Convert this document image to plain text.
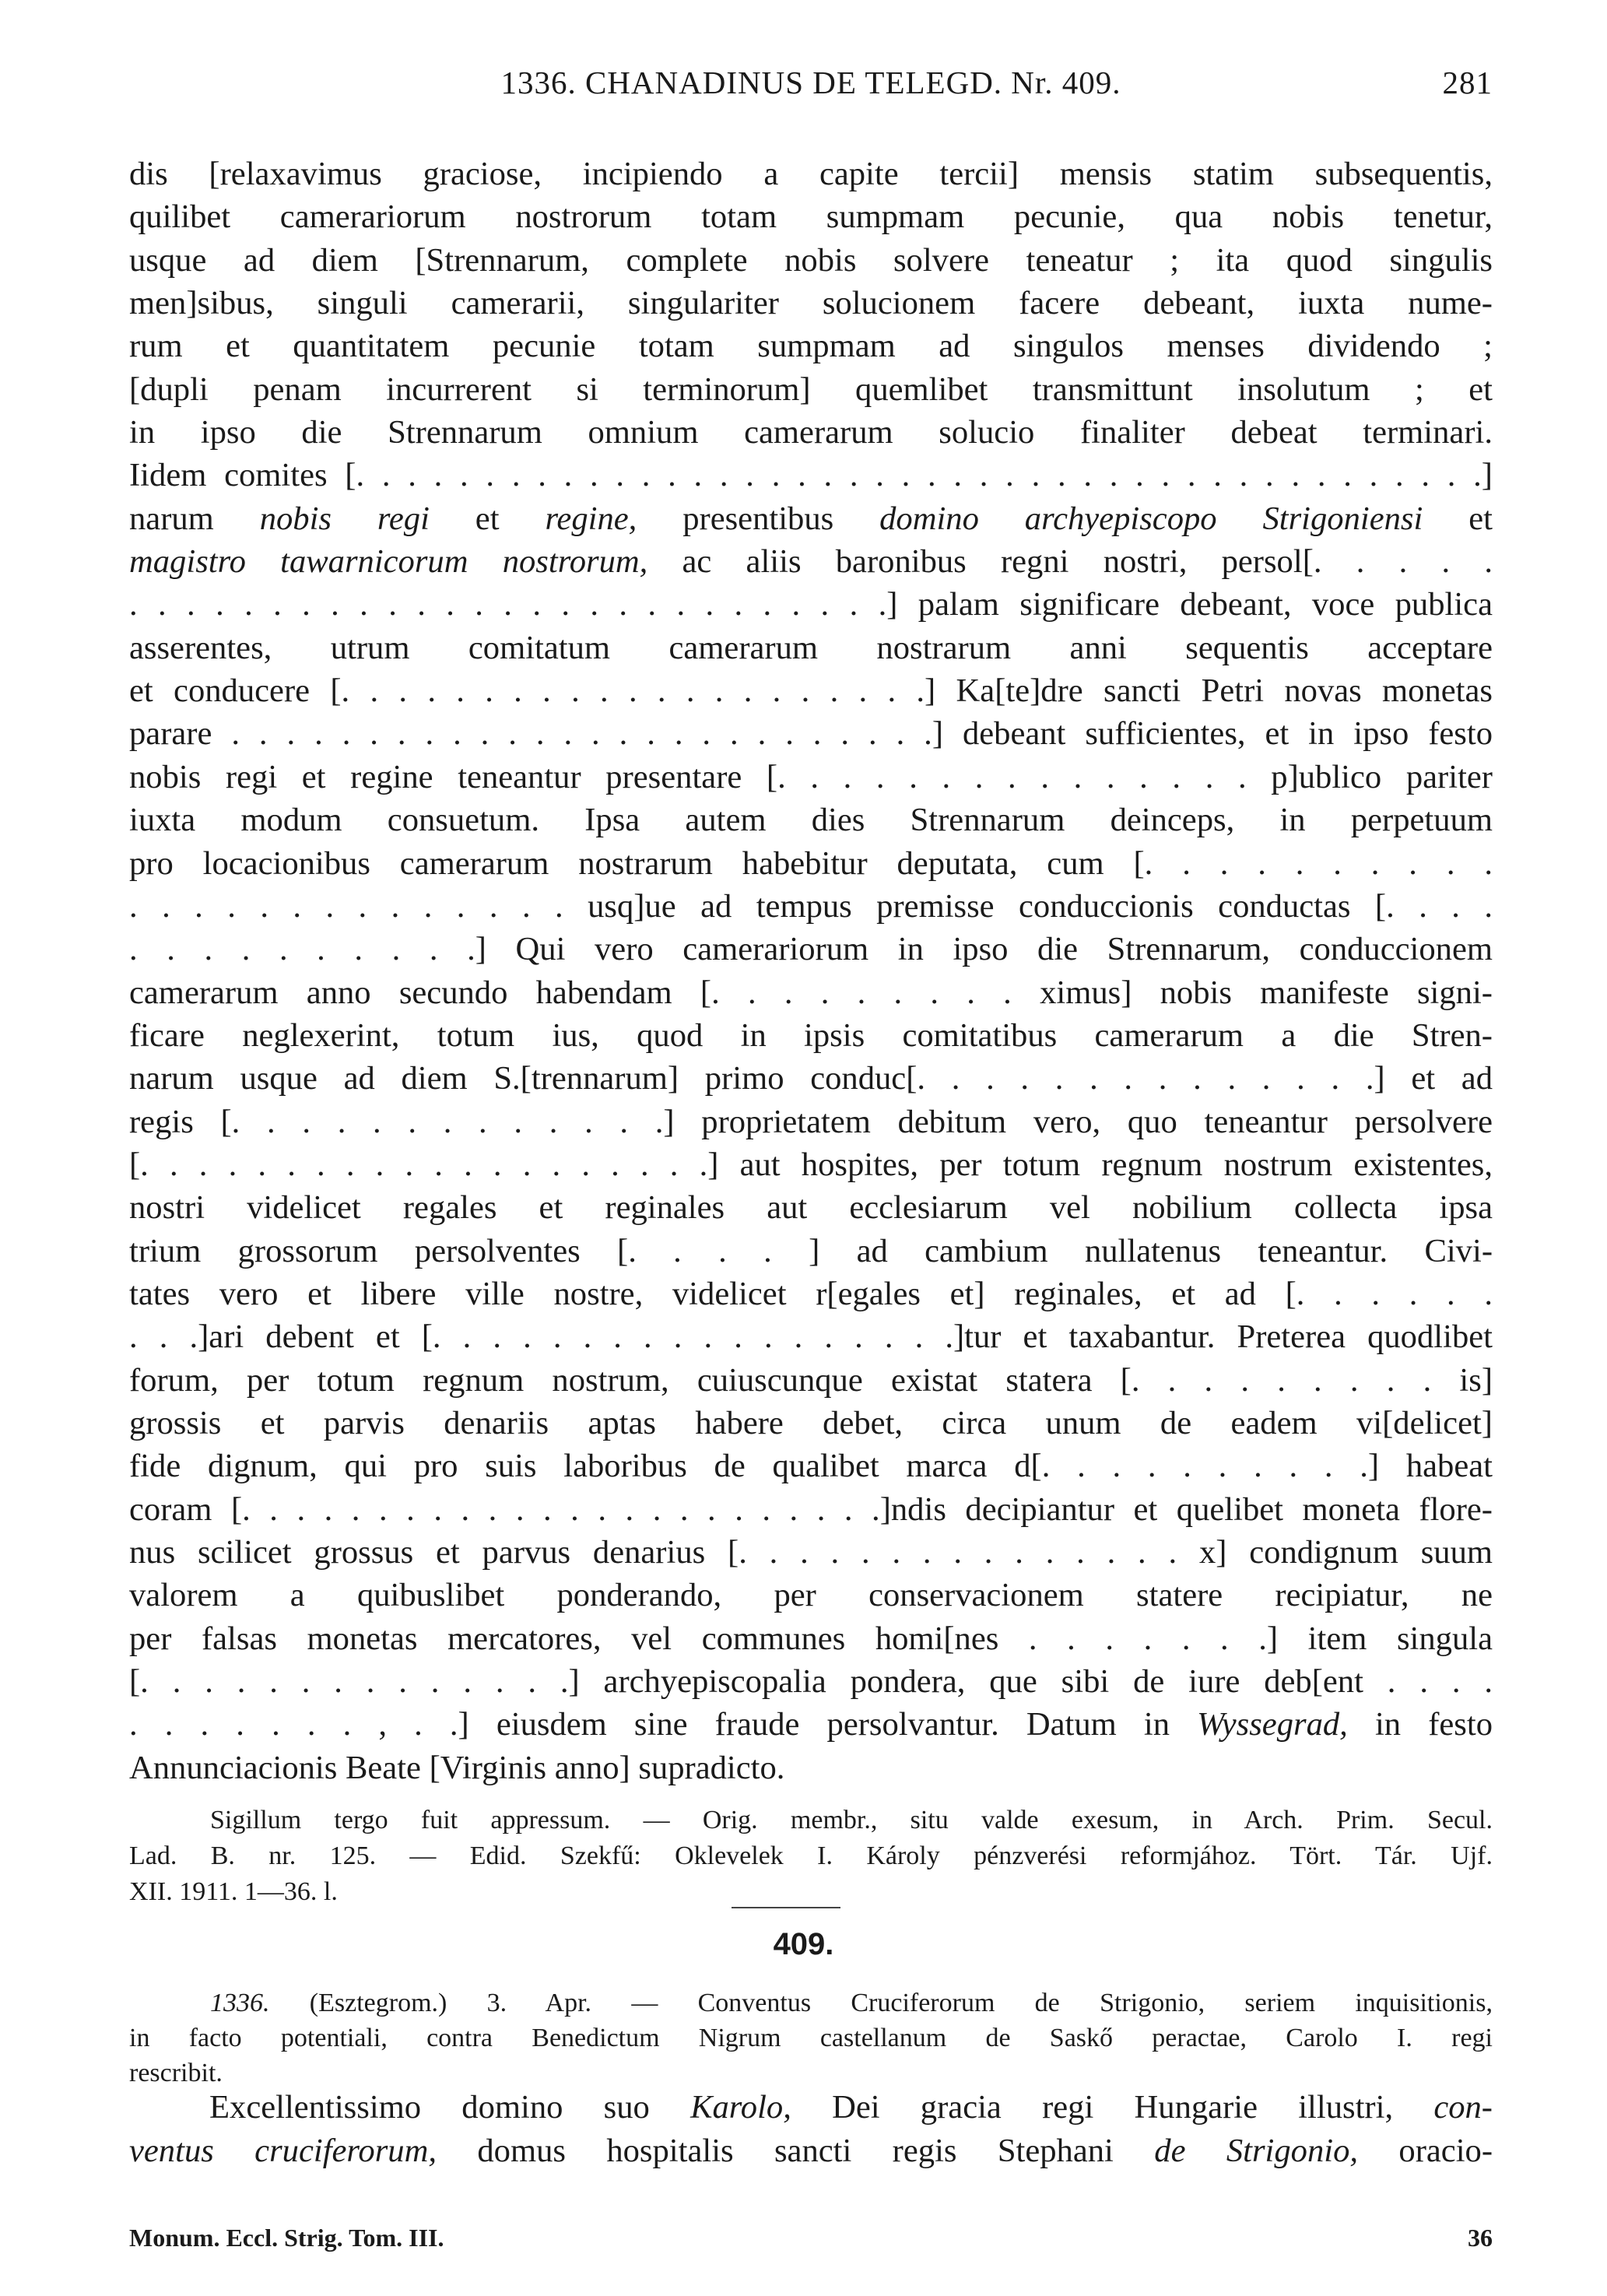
1336. CHANADINUS DE TELEGD. Nr. 409.	281
dis [relaxavimus graciose, incipiendo a capite tercii] mensis statim subsequentis,
quilibet camerariorum nostrorum totam sumpmam pecunie, qua nobis tenetur,
usque ad diem [Strennarum, complete nobis solvere teneatur ; ita quod singulis
men]sibus, singuli camerarii, singulariter solucionem facere debeant, iuxta nume-
rum et quantitatem pecunie totam sumpmam ad singulos menses dividendo ;
[dupli penam incurrerent si terminorum] quemlibet transmittunt insolutum ; et
in ipso die Strennarum omnium camerarum solucio finaliter debeat terminari.
Iidem comites [. . . . . . . . . . . . . . . . . . . . . . . . . . . . . . . . . . . . . . . . . . . .]
narum nobis regi et regine, presentibus domino archyepiscopo Strigoniensi et
magistro tawarnicorum nostrorum, ac aliis baronibus regni nostri, persol[. . . . .
. . . . . . . . . . . . . . . . . . . . . . . . . . .] palam significare debeant, voce publica
asserentes, utrum comitatum camerarum nostrarum anni sequentis acceptare
et conducere [. . . . . . . . . . . . . . . . . . . . .] Ka[te]dre sancti Petri novas monetas
parare . . . . . . . . . . . . . . . . . . . . . . . . . .] debeant sufficientes, et in ipso festo
nobis regi et regine teneantur presentare [. . . . . . . . . . . . . . . p]ublico pariter
iuxta modum consuetum. Ipsa autem dies Strennarum deinceps, in perpetuum
pro locacionibus camerarum nostrarum habebitur deputata, cum [. . . . . . . . . .
. . . . . . . . . . . . . . usq]ue ad tempus premisse conduccionis conductas [. . . .
. . . . . . . . . .] Qui vero camerariorum in ipso die Strennarum, conduccionem
camerarum anno secundo habendam [. . . . . . . . . ximus] nobis manifeste signi-
ficare neglexerint, totum ius, quod in ipsis comitatibus camerarum a die Stren-
narum usque ad diem S.[trennarum] primo conduc[. . . . . . . . . . . . . .] et ad
regis [. . . . . . . . . . . . .] proprietatem debitum vero, quo teneantur persolvere
[. . . . . . . . . . . . . . . . . . . .] aut hospites, per totum regnum nostrum existentes,
nostri videlicet regales et reginales aut ecclesiarum vel nobilium collecta ipsa
trium grossorum persolventes [. . . . ] ad cambium nullatenus teneantur. Civi-
tates vero et libere ville nostre, videlicet r[egales et] reginales, et ad [. . . . . .
. . .]ari debent et [. . . . . . . . . . . . . . . . . .]tur et taxabantur. Preterea quodlibet
forum, per totum regnum nostrum, cuiuscunque existat statera [. . . . . . . . . is]
grossis et parvis denariis aptas habere debet, circa unum de eadem vi[delicet]
fide dignum, qui pro suis laboribus de qualibet marca d[. . . . . . . . . .] habeat
coram [. . . . . . . . . . . . . . . . . . . . . . . .]ndis decipiantur et quelibet moneta flore-
nus scilicet grossus et parvus denarius [. . . . . . . . . . . . . . . x] condignum suum
valorem a quibuslibet ponderando, per conservacionem statere recipiatur, ne
per falsas monetas mercatores, vel communes homi[nes . . . . . . .] item singula
[. . . . . . . . . . . . . .] archyepiscopalia pondera, que sibi de iure deb[ent . . . .
. . . . . . . , . .] eiusdem sine fraude persolvantur. Datum in Wyssegrad, in festo
Annunciacionis Beate [Virginis anno] supradicto.
Sigillum tergo fuit appressum. — Orig. membr., situ valde exesum, in Arch. Prim. Secul.
Lad. B. nr. 125. — Edid. Szekfű: Oklevelek I. Károly pénzverési reformjához. Tört. Tár. Ujf.
XII. 1911. 1—36. l.
409.
1336. (Esztegrom.) 3. Apr. — Conventus Cruciferorum de Strigonio, seriem inquisitionis,
in facto potentiali, contra Benedictum Nigrum castellanum de Saskő peractae, Carolo I. regi
rescribit.
Excellentissimo domino suo Karolo, Dei gracia regi Hungarie illustri, con-
ventus cruciferorum, domus hospitalis sancti regis Stephani de Strigonio, oracio-
Monum. Eccl. Strig. Tom. III.	36
